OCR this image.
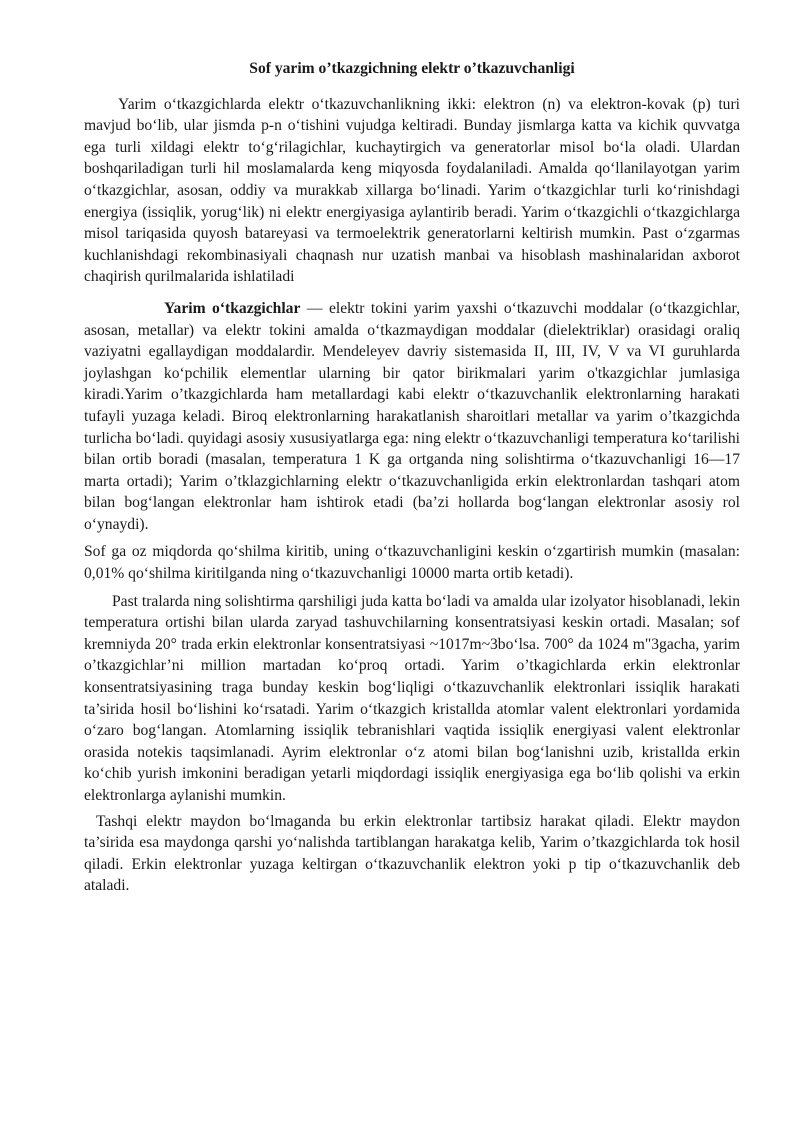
Sof yarim o’tkazgichning elektr o’tkazuvchanligi

Yarim o‘tkazgichlarda elektr o‘tkazuvchanlikning ikki: elektron (n) va elektron-kovak (p) turi mavjud bo‘lib, ular jismda p-n o‘tishini vujudga keltiradi. Bunday jismlarga katta va kichik quvvatga ega turli xildagi elektr to‘g‘rilagichlar, kuchaytirgich va generatorlar misol bo‘la oladi. Ulardan boshqariladigan turli hil moslamalarda keng miqyosda foydalaniladi. Amalda qo‘llanilayotgan yarim o‘tkazgichlar, asosan, oddiy va murakkab xillarga bo‘linadi. Yarim o‘tkazgichlar turli ko‘rinishdagi energiya (issiqlik, yorug‘lik) ni elektr energiyasiga aylantirib beradi. Yarim o‘tkazgichli o‘tkazgichlarga misol tariqasida quyosh batareyasi va termoelektrik generatorlarni keltirish mumkin. Past o‘zgarmas kuchlanishdagi rekombinasiyali chaqnash nur uzatish manbai va hisoblash mashinalaridan axborot chaqirish qurilmalarida ishlatiladi

Yarim o‘tkazgichlar — elektr tokini yarim yaxshi o‘tkazuvchi moddalar (o‘tkazgichlar, asosan, metallar) va elektr tokini amalda o‘tkazmaydigan moddalar (dielektriklar) orasidagi oraliq vaziyatni egallaydigan moddalardir. Mendeleyev davriy sistemasida II, III, IV, V va VI guruhlarda joylashgan ko‘pchilik elementlar ularning bir qator birikmalari yarim o'tkazgichlar jumlasiga kiradi.Yarim o’tkazgichlarda ham metallardagi kabi elektr o‘tkazuvchanlik elektronlarning harakati tufayli yuzaga keladi. Biroq elektronlarning harakatlanish sharoitlari metallar va yarim o’tkazgichda turlicha bo‘ladi. quyidagi asosiy xususiyatlarga ega: ning elektr o‘tkazuvchanligi temperatura ko‘tarilishi bilan ortib boradi (masalan, temperatura 1 K ga ortganda ning solishtirma o‘tkazuvchanligi 16—17 marta ortadi); Yarim o’tklazgichlarning elektr o‘tkazuvchanligida erkin elektronlardan tashqari atom bilan bog‘langan elektronlar ham ishtirok etadi (ba’zi hollarda bog‘langan elektronlar asosiy rol o‘ynaydi).

Sof ga oz miqdorda qo‘shilma kiritib, uning o‘tkazuvchanligini keskin o‘zgartirish mumkin (masalan: 0,01% qo‘shilma kiritilganda ning o‘tkazuvchanligi 10000 marta ortib ketadi).

Past tralarda ning solishtirma qarshiligi juda katta bo‘ladi va amalda ular izolyator hisoblanadi, lekin temperatura ortishi bilan ularda zaryad tashuvchilarning konsentratsiyasi keskin ortadi. Masalan; sof kremniyda 20° trada erkin elektronlar konsentratsiyasi ~1017m~3bo‘lsa. 700° da 1024 m"3gacha, yarim o’tkazgichlar’ni million martadan ko‘proq ortadi. Yarim o’tkagichlarda erkin elektronlar konsentratsiyasining traga bunday keskin bog‘liqligi o‘tkazuvchanlik elektronlari issiqlik harakati ta’sirida hosil bo‘lishini ko‘rsatadi. Yarim o‘tkazgich kristallda atomlar valent elektronlari yordamida o‘zaro bog‘langan. Atomlarning issiqlik tebranishlari vaqtida issiqlik energiyasi valent elektronlar orasida notekis taqsimlanadi. Ayrim elektronlar o‘z atomi bilan bog‘lanishni uzib, kristallda erkin ko‘chib yurish imkonini beradigan yetarli miqdordagi issiqlik energiyasiga ega bo‘lib qolishi va erkin elektronlarga aylanishi mumkin.

Tashqi elektr maydon bo‘lmaganda bu erkin elektronlar tartibsiz harakat qiladi. Elektr maydon ta’sirida esa maydonga qarshi yo‘nalishda tartiblangan harakatga kelib, Yarim o’tkazgichlarda tok hosil qiladi. Erkin elektronlar yuzaga keltirgan o‘tkazuvchanlik elektron yoki p tip o‘tkazuvchanlik deb ataladi.
